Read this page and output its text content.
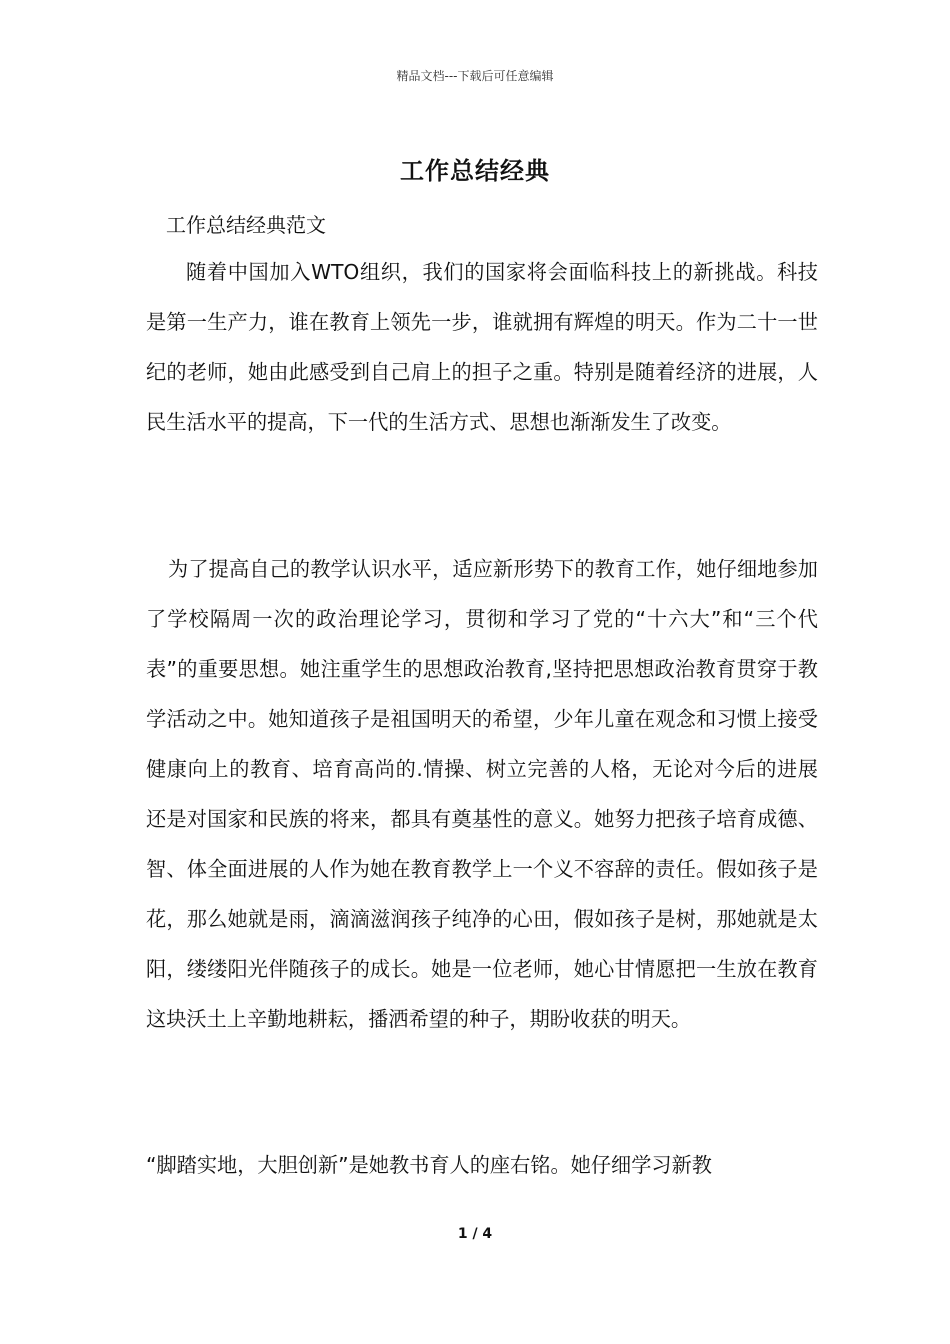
精品文档---下载后可任意编辑
工作总结经典
工作总结经典范文

随着中国加入WTO组织，我们的国家将会面临科技上的新挑战。科技是第一生产力，谁在教育上领先一步，谁就拥有辉煌的明天。作为二十一世纪的老师，她由此感受到自己肩上的担子之重。特别是随着经济的进展，人民生活水平的提高，下一代的生活方式、思想也渐渐发生了改变。

为了提高自己的教学认识水平，适应新形势下的教育工作，她仔细地参加了学校隔周一次的政治理论学习，贯彻和学习了党的“十六大”和“三个代表”的重要思想。她注重学生的思想政治教育,坚持把思想政治教育贯穿于教学活动之中。她知道孩子是祖国明天的希望，少年儿童在观念和习惯上接受健康向上的教育、培育高尚的.情操、树立完善的人格，无论对今后的进展还是对国家和民族的将来，都具有奠基性的意义。她努力把孩子培育成德、智、体全面进展的人作为她在教育教学上一个义不容辞的责任。假如孩子是花，那么她就是雨，滴滴滋润孩子纯净的心田，假如孩子是树，那她就是太阳，缕缕阳光伴随孩子的成长。她是一位老师，她心甘情愿把一生放在教育这块沃土上辛勤地耕耘，播洒希望的种子，期盼收获的明天。

“脚踏实地，大胆创新”是她教书育人的座右铭。她仔细学习新教

1 / 4
